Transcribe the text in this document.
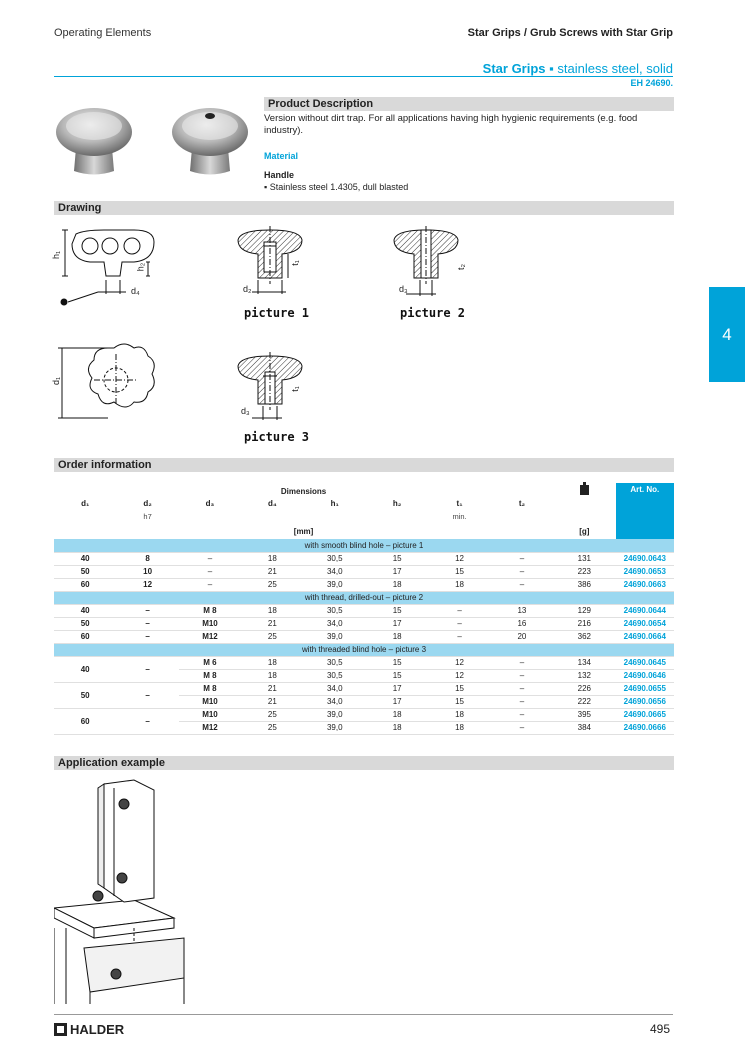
Operating Elements	Star Grips / Grub Screws with Star Grip
Star Grips ▪ stainless steel, solid
EH 24690.
4
Product Description
Version without dirt trap. For all applications having high hygienic requirements (e.g. food industry).
Material
Handle
▪ Stainless steel 1.4305, dull blasted
Drawing
h₁
h₂
d₄
d₁
t₁
d₂
picture 1
t₂
d₃
picture 2
t₁
d₃
picture 3
Order information
Dimensions									Art. No.
d₁	d₂	d₃	d₄	h₁	h₂	t₁	t₂		
	h7					min.			
[mm]								[g]	
with smooth blind hole – picture 1									
40	8	–	18	30,5	15	12	–	131	24690.0643
50	10	–	21	34,0	17	15	–	223	24690.0653
60	12	–	25	39,0	18	18	–	386	24690.0663
with thread, drilled-out – picture 2									
40	–	M 8	18	30,5	15	–	13	129	24690.0644
50	–	M10	21	34,0	17	–	16	216	24690.0654
60	–	M12	25	39,0	18	–	20	362	24690.0664
with threaded blind hole – picture 3									
40	–	M 6	18	30,5	15	12	–	134	24690.0645
		M 8	18	30,5	15	12	–	132	24690.0646
50	–	M 8	21	34,0	17	15	–	226	24690.0655
		M10	21	34,0	17	15	–	222	24690.0656
60	–	M10	25	39,0	18	18	–	395	24690.0665
		M12	25	39,0	18	18	–	384	24690.0666
Application example
HALDER	495
